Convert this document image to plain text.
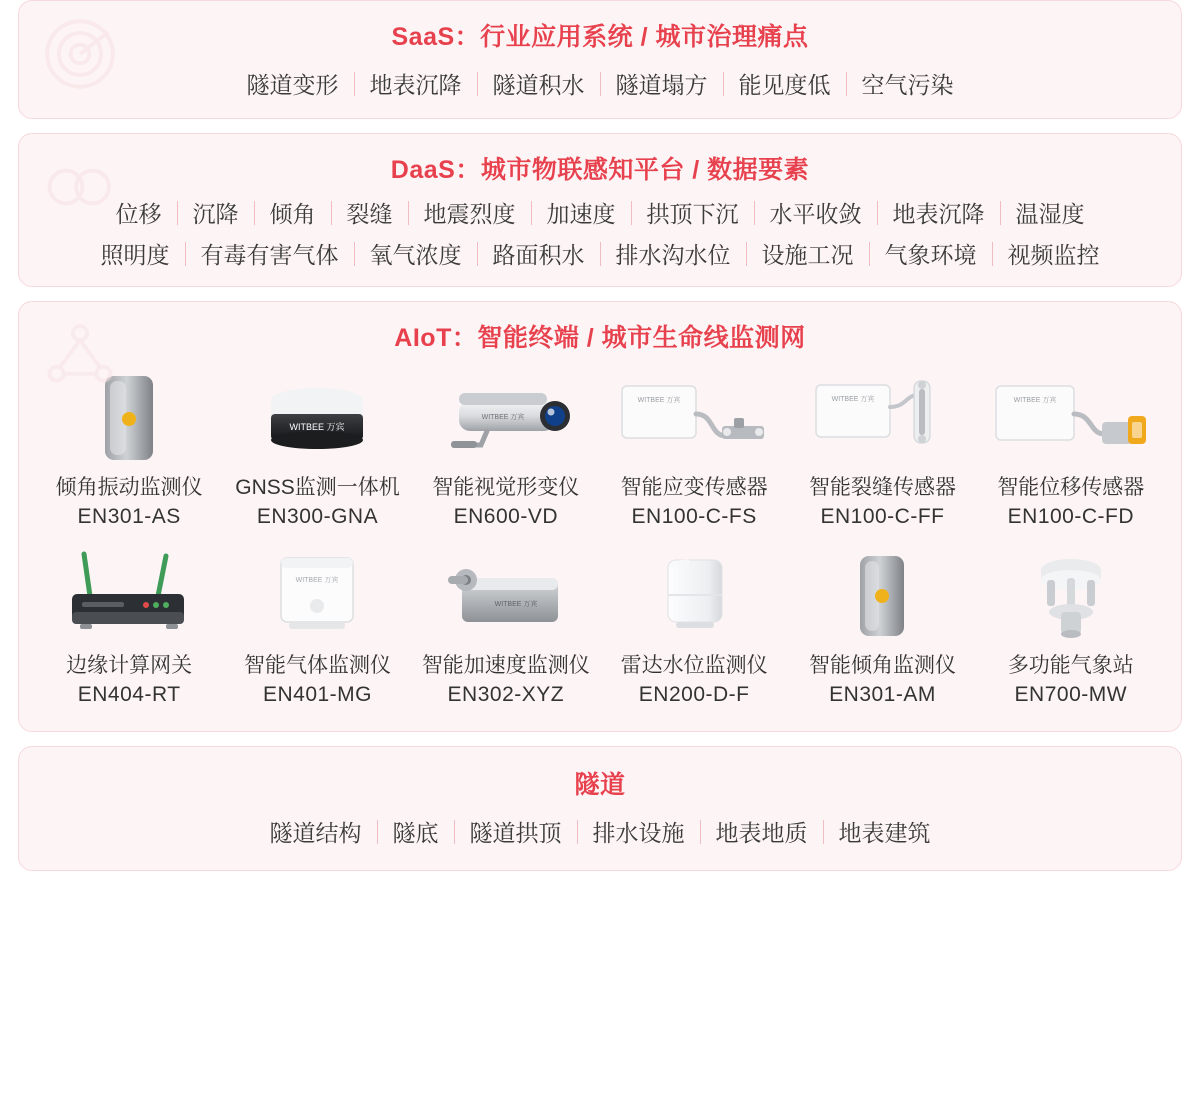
SaaS：行业应用系统 / 城市治理痛点
隧道变形	地表沉降	隧道积水	隧道塌方	能见度低	空气污染
DaaS：城市物联感知平台 / 数据要素
位移	沉降	倾角	裂缝	地震烈度	加速度	拱顶下沉	水平收敛	地表沉降	温湿度
照明度	有毒有害气体	氧气浓度	路面积水	排水沟水位	设施工况	气象环境	视频监控
AIoT：智能终端 / 城市生命线监测网
倾角振动监测仪
EN301-AS
WITBEE 万宾
GNSS监测一体机
EN300-GNA
WITBEE 万宾
智能视觉形变仪
EN600-VD
WITBEE 万宾
智能应变传感器
EN100-C-FS
WITBEE 万宾
智能裂缝传感器
EN100-C-FF
WITBEE 万宾
智能位移传感器
EN100-C-FD
边缘计算网关
EN404-RT
WITBEE 万宾
智能气体监测仪
EN401-MG
WITBEE 万宾
智能加速度监测仪
EN302-XYZ
雷达水位监测仪
EN200-D-F
智能倾角监测仪
EN301-AM
多功能气象站
EN700-MW
隧道
隧道结构	隧底	隧道拱顶	排水设施	地表地质	地表建筑
